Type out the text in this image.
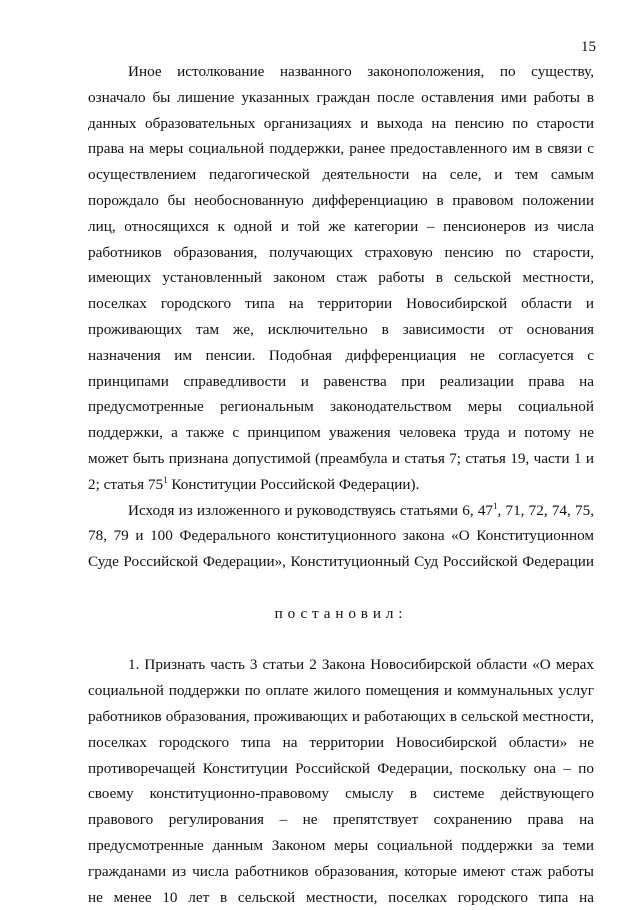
15
Иное истолкование названного законоположения, по существу,
означало бы лишение указанных граждан после оставления ими работы в
данных образовательных организациях и выхода на пенсию по старости
права на меры социальной поддержки, ранее предоставленного им в связи с
осуществлением педагогической деятельности на селе, и тем самым
порождало бы необоснованную дифференциацию в правовом положении
лиц, относящихся к одной и той же категории – пенсионеров из числа
работников образования, получающих страховую пенсию по старости,
имеющих установленный законом стаж работы в сельской местности,
поселках городского типа на территории Новосибирской области и
проживающих там же, исключительно в зависимости от основания
назначения им пенсии. Подобная дифференциация не согласуется с
принципами справедливости и равенства при реализации права на
предусмотренные региональным законодательством меры социальной
поддержки, а также с принципом уважения человека труда и потому не
может быть признана допустимой (преамбула и статья 7; статья 19, части 1 и
2; статья $75^1$ Конституции Российской Федерации).
Исходя из изложенного и руководствуясь статьями 6, $47^1$, 71, 72, 74, 75,
78, 79 и 100 Федерального конституционного закона «О Конституционном
Суде Российской Федерации», Конституционный Суд Российской Федерации
постановил:
1. Признать часть 3 статьи 2 Закона Новосибирской области «О мерах
социальной поддержки по оплате жилого помещения и коммунальных услуг
работников образования, проживающих и работающих в сельской местности,
поселках городского типа на территории Новосибирской области» не
противоречащей Конституции Российской Федерации, поскольку она – по
своему конституционно-правовому смыслу в системе действующего
правового регулирования – не препятствует сохранению права на
предусмотренные данным Законом меры социальной поддержки за теми
гражданами из числа работников образования, которые имеют стаж работы
не менее 10 лет в сельской местности, поселках городского типа на
